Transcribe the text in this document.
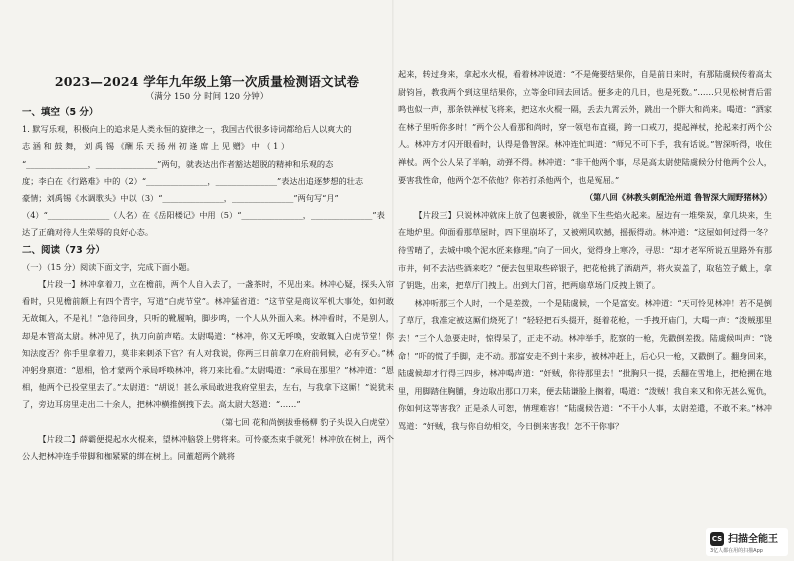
2023—2024 学年九年级上第一次质量检测语文试卷
（满分 150 分 时间 120 分钟）

一、填空（5 分）

1. 默写乐观，积极向上的追求是人类永恒的旋律之一，我国古代很多诗词都给后人以爽大的

志 涵 和 鼓 舞， 刘 禹 锡 《酬 乐 天 扬 州 初 逢 席 上 见 赠》 中 （ 1 ）

“_______________，_______________”两句，就表达出作者豁达超脱的精神和乐观的态

度；李白在《行路难》中的（2）“_______________，_______________”表达出追逐梦想的壮志

豪情；刘禹锡《水调歌头》中以（3）“_______________，_______________”两句写“月”

（4）“_______________（人名）在《岳阳楼记》中用（5）“_______________，_______________”表

达了正确对待人生荣辱的良好心态。

二、阅读（73 分）

（一）（15 分）阅读下面文字，完成下面小题。

【片段一】林冲拿着刀，立在檐前，两个人自入去了，一盏茶时，不见出来。林冲心疑，探头入帘看时，只见檐前额上有四个青字，写道“白虎节堂”。林冲猛省道：“这节堂是商议军机大事处，如何敢无故辄入，不是礼！”急待回身，只听的靴履响，脚步鸣，一个人从外面入来。林冲看时，不是别人，却是本管高太尉。林冲见了，执刀向前声喏。太尉喝道：“林冲，你又无呼唤，安敢辄入白虎节堂！你知法度否？你手里拿着刀，莫非来刺杀下官？有人对我说，你两三日前拿刀在府前伺候，必有歹心。”林冲躬身禀道：“恩相，恰才蒙两个承局呼唤林冲，将刀来比看。”太尉喝道：“承局在那里？”林冲道：“恩相，他两个已投堂里去了。”太尉道：“胡说！甚么承局敢进我府堂里去，左右，与我拿下这厮！”说犹未了，旁边耳房里走出二十余人，把林冲横推倒拽下去。高太尉大怒道：“……”

（第七回 花和尚倒拔垂杨柳 豹子头误入白虎堂）

【片段二】薛霸便提起水火棍来，望林冲脑袋上劈将来。可怜豪杰束手就死！林冲放在树上，两个公人把林冲连手带脚和枷紧紧的绑在树上。同董超两个跳将

起来，转过身来，拿起水火棍，看着林冲说道：“不是俺要结果你，自是前日来时，有那陆虞候传着高太尉钧旨，教我两个到这里结果你，立等金印回去回话。便多走的几日，也是死数。”……只见松树背后雷鸣也似一声，那条铁禅杖飞将来，把这水火棍一隔，丢去九霄云外，跳出一个胖大和尚来。喝道：“洒家在林子里听你多时！”两个公人看那和尚时，穿一领皂布直裰，跨一口戒刀，提起禅杖，抡起来打两个公人。林冲方才闪开眼看时，认得是鲁智深。林冲连忙叫道：“师兄不可下手，我有话说。”智深听得，收住禅杖。两个公人呆了半晌，动弹不得。林冲道：“非干他两个事，尽是高太尉使陆虞候分付他两个公人，要害我性命，他两个怎不依他？你若打杀他两个，也是冤屈。”

（第八回《林教头刺配沧州道 鲁智深大闹野猪林》）

【片段三】只说林冲就床上放了包裹被卧，就坐下生些焰火起来。屋边有一堆柴炭，拿几块来，生在地炉里。仰面看那草屋时，四下里崩坏了，又被朔风吹撼，摇振得动。林冲道：“这屋如何过得一冬？待雪晴了，去城中唤个泥水匠来修理。”向了一回火，觉得身上寒冷，寻思：“却才老军所说五里路外有那市井，何不去沽些酒来吃？”便去包里取些碎银子，把花枪挑了酒葫芦，将火炭盖了，取毡笠子戴上，拿了钥匙，出来，把草厅门拽上。出到大门首，把两扇草场门反拽上锁了。

林冲听那三个人时，一个是差拨，一个是陆虞候，一个是富安。林冲道：“天可怜见林冲！若不是倒了草厅，我准定被这厮们烧死了！”轻轻把石头掇开，挺着花枪，一手拽开庙门，大喝一声：“泼贼那里去！”三个人急要走时，惊得呆了，正走不动。林冲举手，肐察的一枪，先戳倒差拨。陆虞候叫声：“饶命！”吓的慌了手脚，走不动。那富安走不到十来步，被林冲赶上，后心只一枪，又戳倒了。翻身回来，陆虞候却才行得三四步，林冲喝声道：“奸贼，你待那里去！”批胸只一提，丢翻在雪地上，把枪搠在地里，用脚踏住胸脯，身边取出那口刀来，便去陆谦脸上搁着，喝道：“泼贼！我自来又和你无甚么冤仇，你如何这等害我？正是杀人可恕，情理难容！”陆虞候告道：“不干小人事，太尉差遣，不敢不来。”林冲骂道：“奸贼，我与你自幼相交，今日倒来害我！怎不干你事？

CS 扫描全能王
3亿人都在用的扫描App
